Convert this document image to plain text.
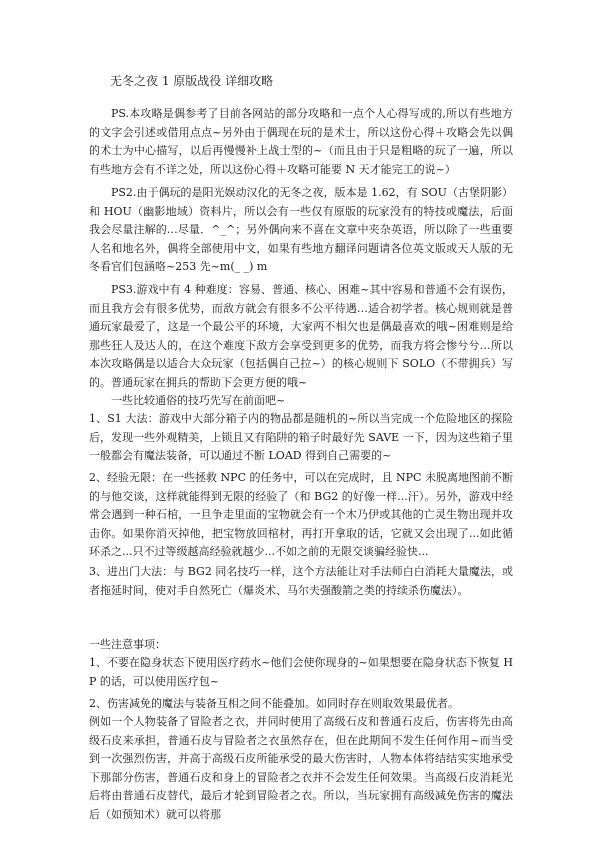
无冬之夜 1 原版战役 详细攻略
PS.本攻略是偶参考了目前各网站的部分攻略和一点个人心得写成的,所以有些地方的文字会引述或借用点点~另外由于偶现在玩的是术士，所以这份心得＋攻略会先以偶的术士为中心描写，以后再慢慢补上战士型的~（而且由于只是粗略的玩了一遍，所以有些地方会有不详之处，所以这份心得＋攻略可能要 N 天才能完工的说~）
PS2.由于偶玩的是阳光娱动汉化的无冬之夜，版本是 1.62，有 SOU（古堡阴影）和 HOU（幽影地域）资料片，所以会有一些仅有原版的玩家没有的特技或魔法，后面我会尽量注解的…尽量．^_^；另外偶向来不喜在文章中夹杂英语，所以除了一些重要人名和地名外，偶将全部使用中文，如果有些地方翻译问题请各位英文版或天人版的无冬看官们包涵咯~253 先~m(_ _) m
PS3.游戏中有 4 种难度：容易、普通、核心、困难~其中容易和普通不会有误伤，而且我方会有很多优势，而敌方就会有很多不公平待遇…适合初学者。核心规则就是普通玩家最爱了，这是一个最公平的环境，大家两不相欠也是偶最喜欢的哦~困难则是给那些狂人及达人的，在这个难度下敌方会享受到更多的优势，而我方将会惨兮兮…所以本次攻略偶是以适合大众玩家（包括偶自己拉~）的核心规则下 SOLO（不带拥兵）写的。普通玩家在拥兵的帮助下会更方便的哦~
一些比较通俗的技巧先写在前面吧~
1、S1 大法：游戏中大部分箱子内的物品都是随机的~所以当完成一个危险地区的探险后，发现一些外观精美，上锁且又有陷阱的箱子时最好先 SAVE 一下，因为这些箱子里一般都会有魔法装备，可以通过不断 LOAD 得到自己需要的~
2、经验无限：在一些拯救 NPC 的任务中，可以在完成时，且 NPC 未脱离地图前不断的与他交谈，这样就能得到无限的经验了（和 BG2 的好像一样...汗）。另外，游戏中经常会遇到一种石棺，一旦争走里面的宝物就会有一个木乃伊或其他的亡灵生物出现并攻击你。如果你消灭掉他，把宝物放回棺材，再打开拿取的话，它就又会出现了...如此循环杀之...只不过等级越高经验就越少...不如之前的无限交谈骗经验快...
3、进出门大法：与 BG2 同名技巧一样，这个方法能让对手法师白白消耗大量魔法，或者拖延时间，使对手自然死亡（爆炎术、马尔夫强酸箭之类的持续杀伤魔法）。
一些注意事项：
1、不要在隐身状态下使用医疗药水~他们会使你现身的~如果想要在隐身状态下恢复 HP 的话，可以使用医疗包~
2、伤害减免的魔法与装备互相之间不能叠加。如同时存在则取效果最优者。
例如一个人物装备了冒险者之衣，并同时使用了高级石皮和普通石皮后，伤害将先由高级石皮来承担，普通石皮与冒险者之衣虽然存在，但在此期间不发生任何作用~而当受到一次强烈伤害，并高于高级石皮所能承受的最大伤害时，人物本体将结结实实地承受下那部分伤害，普通石皮和身上的冒险者之衣并不会发生任何效果。当高级石皮消耗光后将由普通石皮替代，最后才轮到冒险者之衣。所以，当玩家拥有高级减免伤害的魔法后（如预知术）就可以将那
